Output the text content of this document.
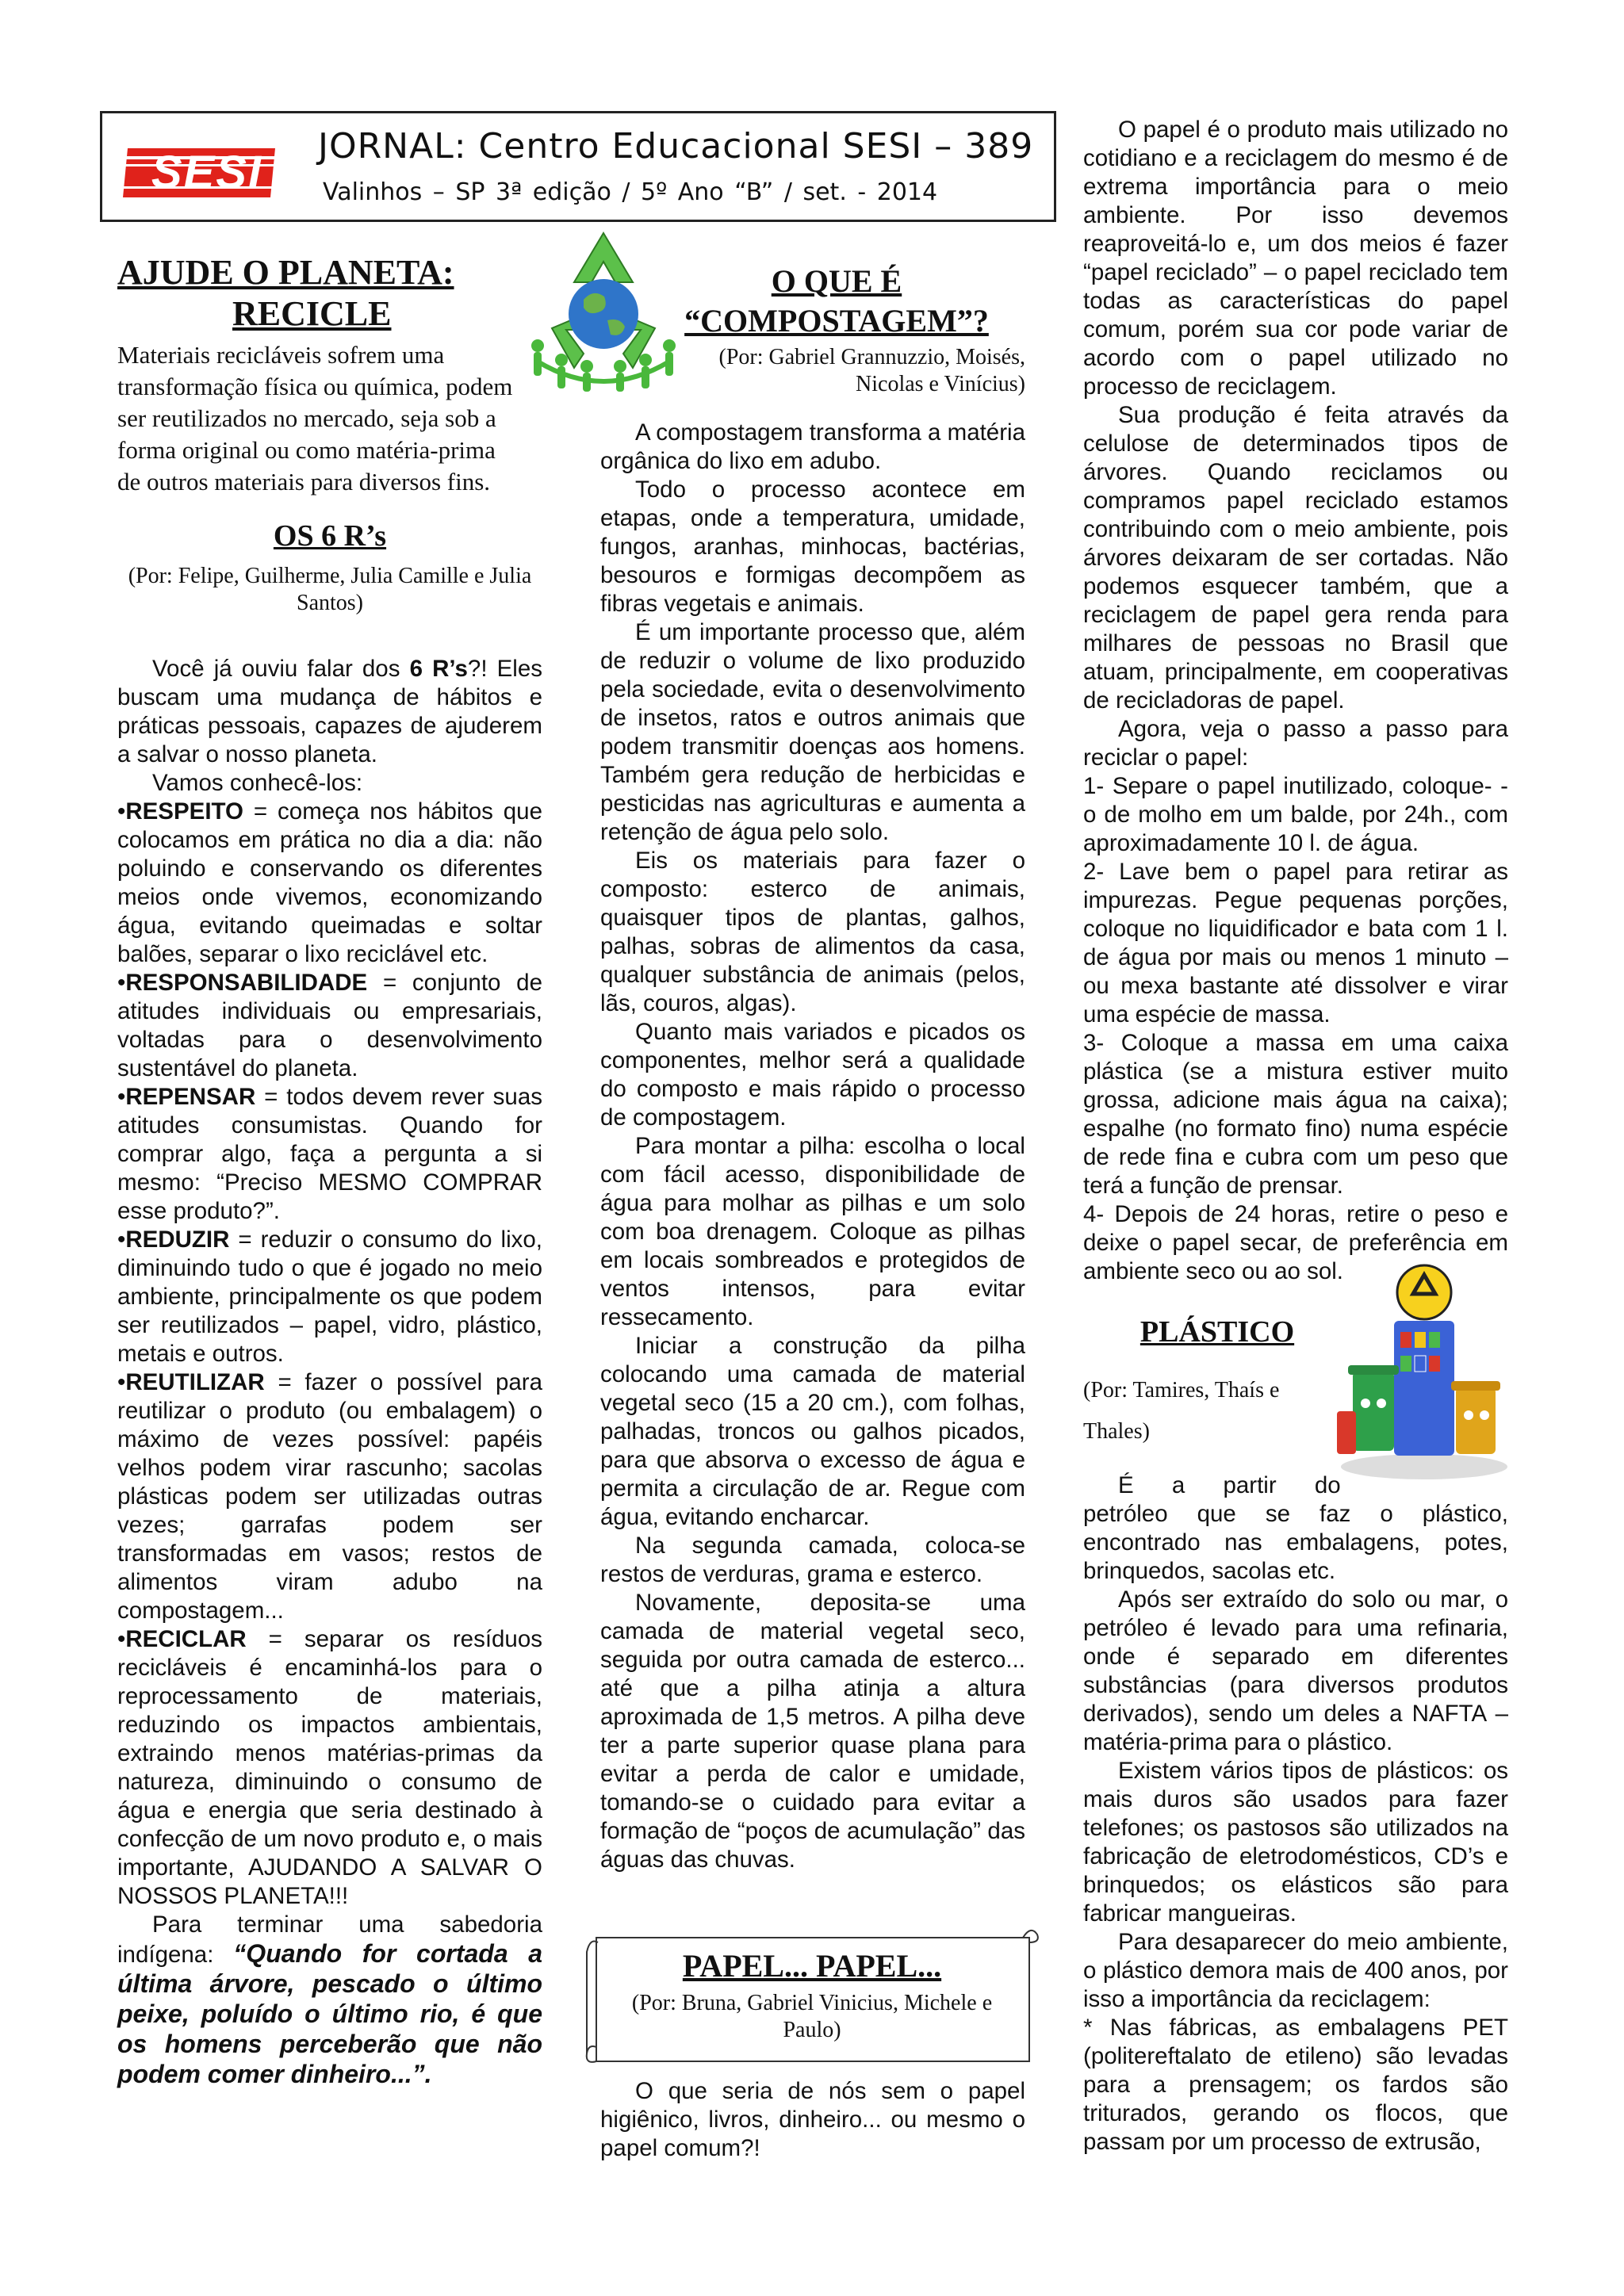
SESI
JORNAL: Centro Educacional SESI – 389
Valinhos – SP 3ª edição / 5º Ano “B” / set. - 2014
AJUDE O PLANETA:
RECICLE

Materiais recicláveis sofrem uma transformação física ou química, podem ser reutilizados no mercado, seja sob a forma original ou como matéria-prima de outros materiais para diversos fins.

OS 6 R’s
(Por: Felipe, Guilherme, Julia Camille e Julia Santos)

Você já ouviu falar dos 6 R’s?! Eles buscam uma mudança de hábitos e práticas pessoais, capazes de ajuderem a salvar o nosso planeta.

Vamos conhecê-los:

•RESPEITO = começa nos hábitos que colocamos em prática no dia a dia: não poluindo e conservando os diferentes meios onde vivemos, economizando água, evitando queimadas e soltar balões, separar o lixo reciclável etc.

•RESPONSABILIDADE = conjunto de atitudes individuais ou empresariais, voltadas para o desenvolvimento sustentável do planeta.

•REPENSAR = todos devem rever suas atitudes consumistas. Quando for comprar algo, faça a pergunta a si mesmo: “Preciso MESMO COMPRAR esse produto?”.

•REDUZIR = reduzir o consumo do lixo, diminuindo tudo o que é jogado no meio ambiente, principalmente os que podem ser reutilizados – papel, vidro, plástico, metais e outros.

•REUTILIZAR = fazer o possível para reutilizar o produto (ou embalagem) o máximo de vezes possível: papéis velhos podem virar rascunho; sacolas plásticas podem ser utilizadas outras vezes; garrafas podem ser transformadas em vasos; restos de alimentos viram adubo na compostagem...

•RECICLAR = separar os resíduos recicláveis é encaminhá-los para o reprocessamento de materiais, reduzindo os impactos ambientais, extraindo menos matérias-primas da natureza, diminuindo o consumo de água e energia que seria destinado à confecção de um novo produto e, o mais importante, AJUDANDO A SALVAR O NOSSOS PLANETA!!!

Para terminar uma sabedoria indígena: “Quando for cortada a última árvore, pescado o último peixe, poluído o último rio, é que os homens perceberão que não podem comer dinheiro...”.

O QUE É
“COMPOSTAGEM”?
(Por: Gabriel Grannuzzio, Moisés, Nicolas e Vinícius)

A compostagem transforma a matéria orgânica do lixo em adubo.

Todo o processo acontece em etapas, onde a temperatura, umidade, fungos, aranhas, minhocas, bactérias, besouros e formigas decompõem as fibras vegetais e animais.

É um importante processo que, além de reduzir o volume de lixo produzido pela sociedade, evita o desenvolvimento de insetos, ratos e outros animais que podem transmitir doenças aos homens. Também gera redução de herbicidas e pesticidas nas agriculturas e aumenta a retenção de água pelo solo.

Eis os materiais para fazer o composto: esterco de animais, quaisquer tipos de plantas, galhos, palhas, sobras de alimentos da casa, qualquer substância de animais (pelos, lãs, couros, algas).

Quanto mais variados e picados os componentes, melhor será a qualidade do composto e mais rápido o processo de compostagem.

Para montar a pilha: escolha o local com fácil acesso, disponibilidade de água para molhar as pilhas e um solo com boa drenagem. Coloque as pilhas em locais sombreados e protegidos de ventos intensos, para evitar ressecamento.

Iniciar a construção da pilha colocando uma camada de material vegetal seco (15 a 20 cm.), com folhas, palhadas, troncos ou galhos picados, para que absorva o excesso de água e permita a circulação de ar. Regue com água, evitando encharcar.

Na segunda camada, coloca-se restos de verduras, grama e esterco.

Novamente, deposita-se uma camada de material vegetal seco, seguida por outra camada de esterco... até que a pilha atinja a altura aproximada de 1,5 metros. A pilha deve ter a parte superior quase plana para evitar a perda de calor e umidade, tomando-se o cuidado para evitar a formação de “poços de acumulação” das águas das chuvas.

PAPEL... PAPEL...
(Por: Bruna, Gabriel Vinicius, Michele e Paulo)

O que seria de nós sem o papel higiênico, livros, dinheiro... ou mesmo o papel comum?!

O papel é o produto mais utilizado no cotidiano e a reciclagem do mesmo é de extrema importância para o meio ambiente. Por isso devemos reaproveitá-lo e, um dos meios é fazer “papel reciclado” – o papel reciclado tem todas as características do papel comum, porém sua cor pode variar de acordo com o papel utilizado no processo de reciclagem.

Sua produção é feita através da celulose de determinados tipos de árvores. Quando reciclamos ou compramos papel reciclado estamos contribuindo com o meio ambiente, pois árvores deixaram de ser cortadas. Não podemos esquecer também, que a reciclagem de papel gera renda para milhares de pessoas no Brasil que atuam, principalmente, em cooperativas de recicladoras de papel.

Agora, veja o passo a passo para reciclar o papel:

1- Separe o papel inutilizado, coloque- -o de molho em um balde, por 24h., com aproximadamente 10 l. de água.

2- Lave bem o papel para retirar as impurezas. Pegue pequenas porções, coloque no liquidificador e bata com 1 l. de água por mais ou menos 1 minuto – ou mexa bastante até dissolver e virar uma espécie de massa.

3- Coloque a massa em uma caixa plástica (se a mistura estiver muito grossa, adicione mais água na caixa); espalhe (no formato fino) numa espécie de rede fina e cubra com um peso que terá a função de prensar.

4- Depois de 24 horas, retire o peso e deixe o papel secar, de preferência em ambiente seco ou ao sol.

PLÁSTICO
(Por: Tamires, Thaís e
Thales)

É a partir do

petróleo que se faz o plástico, encontrado nas embalagens, potes, brinquedos, sacolas etc.

Após ser extraído do solo ou mar, o petróleo é levado para uma refinaria, onde é separado em diferentes substâncias (para diversos produtos derivados), sendo um deles a NAFTA – matéria-prima para o plástico.

Existem vários tipos de plásticos: os mais duros são usados para fazer telefones; os pastosos são utilizados na fabricação de eletrodomésticos, CD’s e brinquedos; os elásticos são para fabricar mangueiras.

Para desaparecer do meio ambiente, o plástico demora mais de 400 anos, por isso a importância da reciclagem:

* Nas fábricas, as embalagens PET (politereftalato de etileno) são levadas para a prensagem; os fardos são triturados, gerando os flocos, que passam por um processo de extrusão,
